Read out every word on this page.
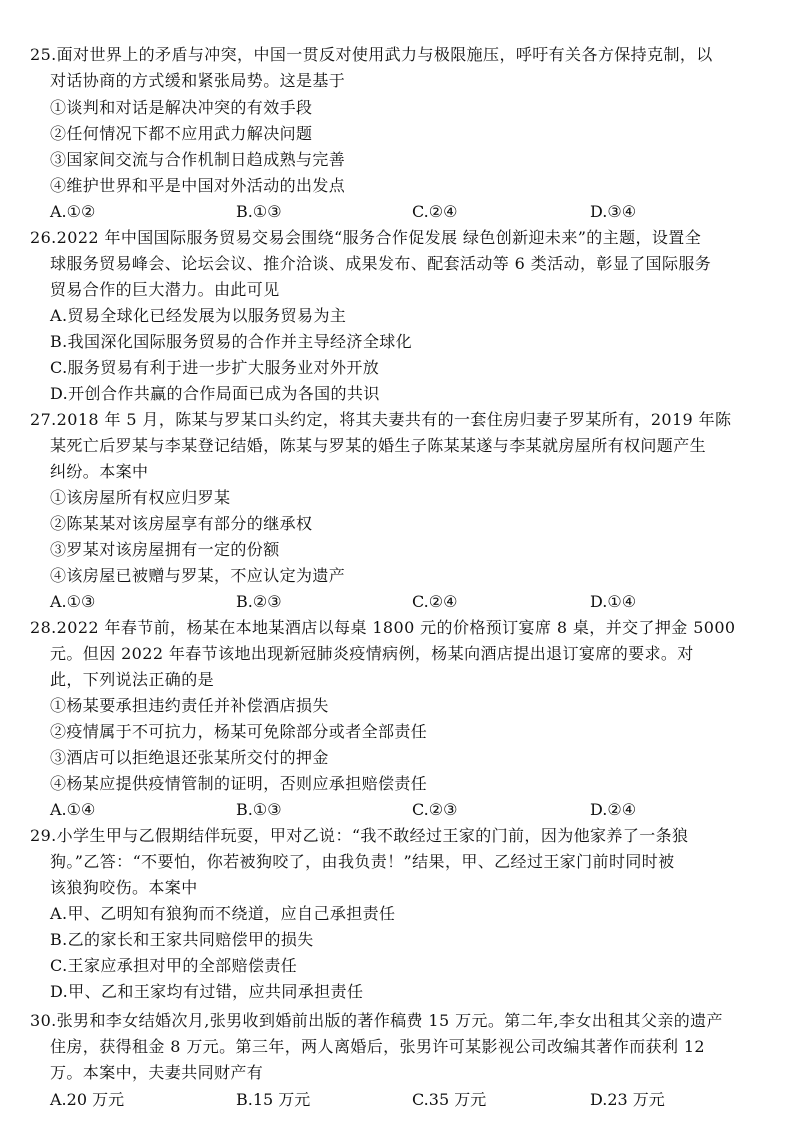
25.面对世界上的矛盾与冲突，中国一贯反对使用武力与极限施压，呼吁有关各方保持克制，以
对话协商的方式缓和紧张局势。这是基于
①谈判和对话是解决冲突的有效手段
②任何情况下都不应用武力解决问题
③国家间交流与合作机制日趋成熟与完善
④维护世界和平是中国对外活动的出发点
A.①②	B.①③	C.②④	D.③④
26.2022 年中国国际服务贸易交易会围绕“服务合作促发展 绿色创新迎未来”的主题，设置全
球服务贸易峰会、论坛会议、推介洽谈、成果发布、配套活动等 6 类活动，彰显了国际服务
贸易合作的巨大潜力。由此可见
A.贸易全球化已经发展为以服务贸易为主
B.我国深化国际服务贸易的合作并主导经济全球化
C.服务贸易有利于进一步扩大服务业对外开放
D.开创合作共赢的合作局面已成为各国的共识
27.2018 年 5 月，陈某与罗某口头约定，将其夫妻共有的一套住房归妻子罗某所有，2019 年陈
某死亡后罗某与李某登记结婚，陈某与罗某的婚生子陈某某遂与李某就房屋所有权问题产生
纠纷。本案中
①该房屋所有权应归罗某
②陈某某对该房屋享有部分的继承权
③罗某对该房屋拥有一定的份额
④该房屋已被赠与罗某，不应认定为遗产
A.①③	B.②③	C.②④	D.①④
28.2022 年春节前，杨某在本地某酒店以每桌 1800 元的价格预订宴席 8 桌，并交了押金 5000
元。但因 2022 年春节该地出现新冠肺炎疫情病例，杨某向酒店提出退订宴席的要求。对
此，下列说法正确的是
①杨某要承担违约责任并补偿酒店损失
②疫情属于不可抗力，杨某可免除部分或者全部责任
③酒店可以拒绝退还张某所交付的押金
④杨某应提供疫情管制的证明，否则应承担赔偿责任
A.①④	B.①③	C.②③	D.②④
29.小学生甲与乙假期结伴玩耍，甲对乙说：“我不敢经过王家的门前，因为他家养了一条狼
狗。”乙答：“不要怕，你若被狗咬了，由我负责！”结果，甲、乙经过王家门前时同时被
该狼狗咬伤。本案中
A.甲、乙明知有狼狗而不绕道，应自己承担责任
B.乙的家长和王家共同赔偿甲的损失
C.王家应承担对甲的全部赔偿责任
D.甲、乙和王家均有过错，应共同承担责任
30.张男和李女结婚次月,张男收到婚前出版的著作稿费 15 万元。第二年,李女出租其父亲的遗产
住房，获得租金 8 万元。第三年，两人离婚后，张男许可某影视公司改编其著作而获利 12
万。本案中，夫妻共同财产有
A.20 万元	B.15 万元	C.35 万元	D.23 万元
